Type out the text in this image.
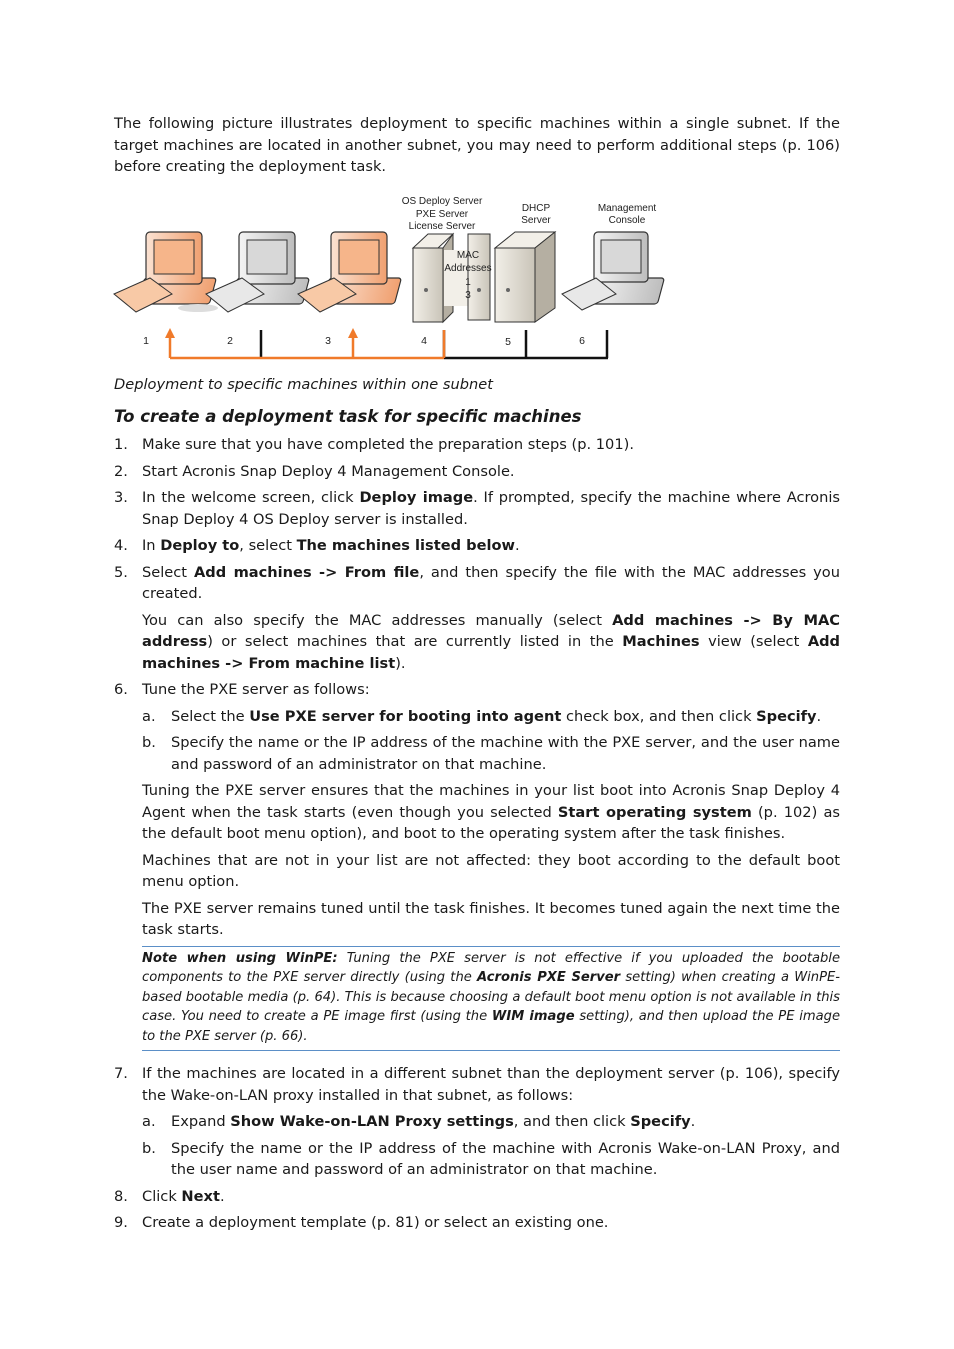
The following picture illustrates deployment to specific machines within a single subnet. If the target machines are located in another subnet, you may need to perform additional steps (p. 106) before creating the deployment task.

MAC
Addresses
1
3
OS Deploy Server
PXE Server
License Server
DHCP
Server
Management
Console
1	2	3	4	5	6
Deployment to specific machines within one subnet
To create a deployment task for specific machines
1. Make sure that you have completed the preparation steps (p. 101).
2. Start Acronis Snap Deploy 4 Management Console.
3. In the welcome screen, click Deploy image. If prompted, specify the machine where Acronis Snap Deploy 4 OS Deploy server is installed.
4. In Deploy to, select The machines listed below.
5. Select Add machines -> From file, and then specify the file with the MAC addresses you created.
You can also specify the MAC addresses manually (select Add machines -> By MAC address) or select machines that are currently listed in the Machines view (select Add machines -> From machine list).
6. Tune the PXE server as follows:
a. Select the Use PXE server for booting into agent check box, and then click Specify.
b. Specify the name or the IP address of the machine with the PXE server, and the user name and password of an administrator on that machine.
Tuning the PXE server ensures that the machines in your list boot into Acronis Snap Deploy 4 Agent when the task starts (even though you selected Start operating system (p. 102) as the default boot menu option), and boot to the operating system after the task finishes.
Machines that are not in your list are not affected: they boot according to the default boot menu option.
The PXE server remains tuned until the task finishes. It becomes tuned again the next time the task starts.
Note when using WinPE: Tuning the PXE server is not effective if you uploaded the bootable components to the PXE server directly (using the Acronis PXE Server setting) when creating a WinPE-based bootable media (p. 64). This is because choosing a default boot menu option is not available in this case. You need to create a PE image first (using the WIM image setting), and then upload the PE image to the PXE server (p. 66).
7. If the machines are located in a different subnet than the deployment server (p. 106), specify the Wake-on-LAN proxy installed in that subnet, as follows:
a. Expand Show Wake-on-LAN Proxy settings, and then click Specify.
b. Specify the name or the IP address of the machine with Acronis Wake-on-LAN Proxy, and the user name and password of an administrator on that machine.
8. Click Next.
9. Create a deployment template (p. 81) or select an existing one.
